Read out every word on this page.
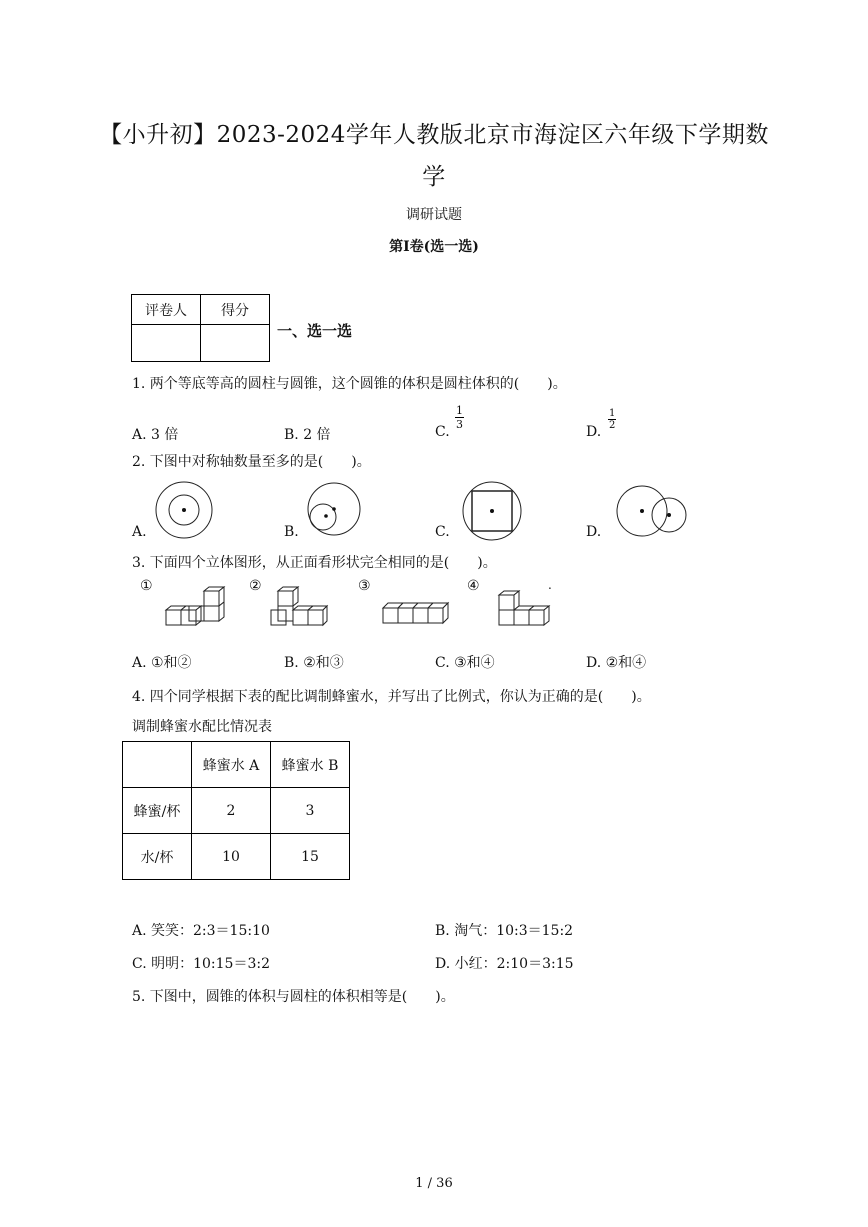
【小升初】2023-2024学年人教版北京市海淀区六年级下学期数
学
调研试题
第Ⅰ卷(选一选)
评卷人	得分

一、选一选
1. 两个等底等高的圆柱与圆锥，这个圆锥的体积是圆柱体积的(　　)。
A. 3 倍	B. 2 倍	C.
$\frac{1}{3}$
D.
$\frac{1}{2}$
2. 下图中对称轴数量至多的是(　　)。
A.	B.	C.	D.
3. 下面四个立体图形，从正面看形状完全相同的是(　　)。
①	②	③	④	.
A. ①和②	B. ②和③	C. ③和④	D. ②和④
4. 四个同学根据下表的配比调制蜂蜜水，并写出了比例式，你认为正确的是(　　)。
调制蜂蜜水配比情况表
	蜂蜜水 A	蜂蜜水 B
蜂蜜/杯	2	3
水/杯	10	15
A. 笑笑：2:3＝15:10	B. 淘气：10:3＝15:2
C. 明明：10:15＝3:2	D. 小红：2:10＝3:15
5. 下图中，圆锥的体积与圆柱的体积相等是(　　)。
1 / 36
